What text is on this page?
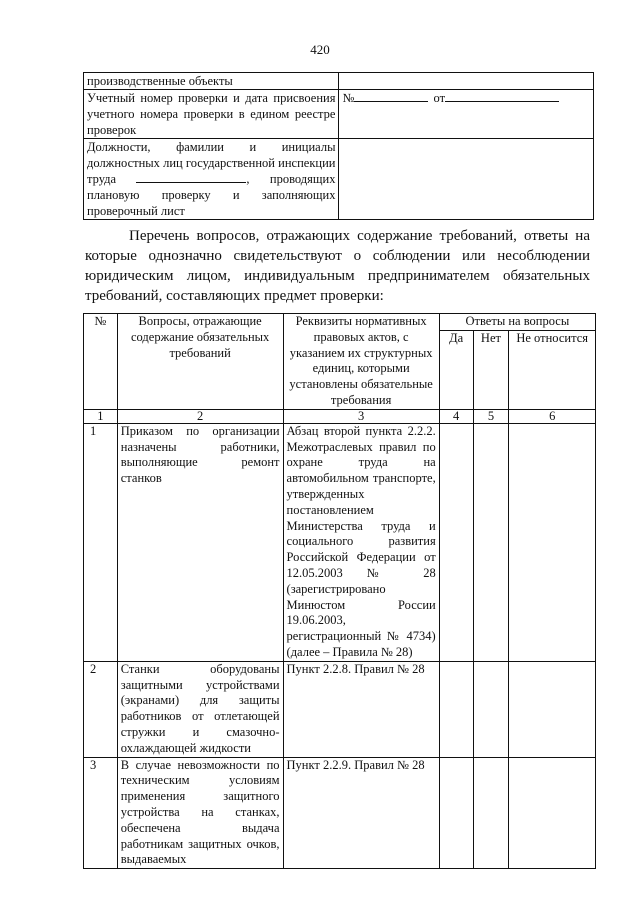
420
производственные объекты	
Учетный номер проверки и дата присвоения учетного номера проверки в едином реестре проверок	№ от
Должности, фамилии и инициалы должностных лиц государственной инспекции труда , проводящих плановую проверку и заполняющих проверочный лист	
Перечень вопросов, отражающих содержание требований, ответы на которые однозначно свидетельствуют о соблюдении или несоблюдении юридическим лицом, индивидуальным предпринимателем обязательных требований, составляющих предмет проверки:
№	Вопросы, отражающие содержание обязательных требований	Реквизиты нормативных правовых актов, с указанием их структурных единиц, которыми установлены обязательные требования	Ответы на вопросы		
			Да	Нет	Не относится
1	2	3	4	5	6
1	Приказом по организации назначены работники, выполняющие ремонт станков	Абзац второй пункта 2.2.2. Межотраслевых правил по охране труда на автомобильном транспорте, утвержденных постановлением Министерства труда и социального развития Российской Федерации от 12.05.2003 № 28 (зарегистрировано Минюстом России 19.06.2003, регистрационный № 4734) (далее – Правила № 28)			
2	Станки оборудованы защитными устройствами (экранами) для защиты работников от отлетающей стружки и смазочно-охлаждающей жидкости	Пункт 2.2.8. Правил № 28			
3	В случае невозможности по техническим условиям применения защитного устройства на станках, обеспечена выдача работникам защитных очков, выдаваемых	Пункт 2.2.9. Правил № 28			
